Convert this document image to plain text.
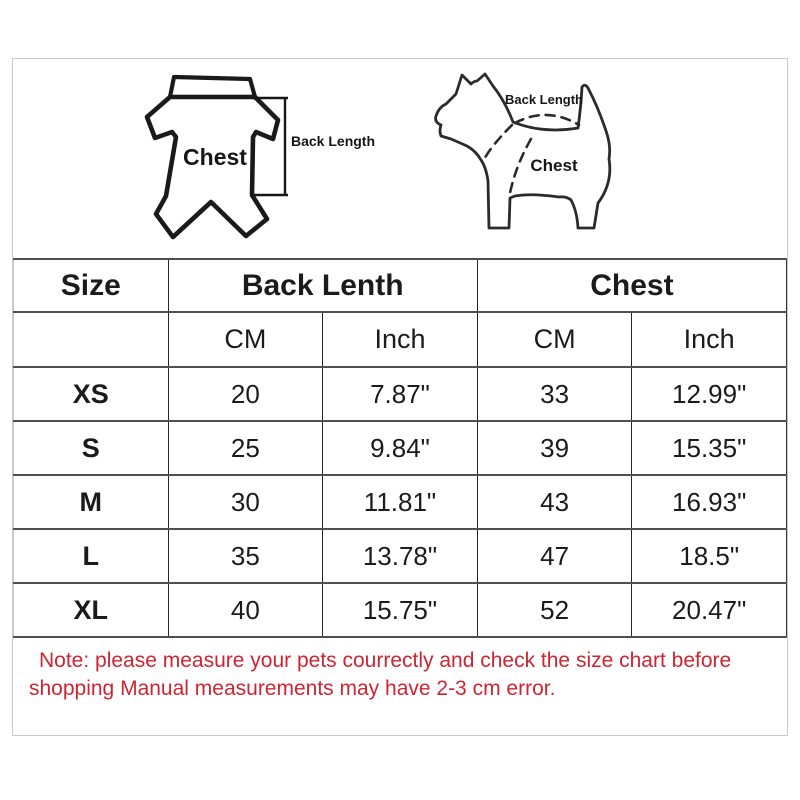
Chest
Back Length
Back Length
Chest
Size	Back Lenth		Chest	
	CM	Inch	CM	Inch
XS	20	7.87"	33	12.99"
S	25	9.84"	39	15.35"
M	30	11.81"	43	16.93"
L	35	13.78"	47	18.5"
XL	40	15.75"	52	20.47"
Note: please measure your pets courrectly and check the size chart before
shopping Manual measurements may have 2-3 cm error.
